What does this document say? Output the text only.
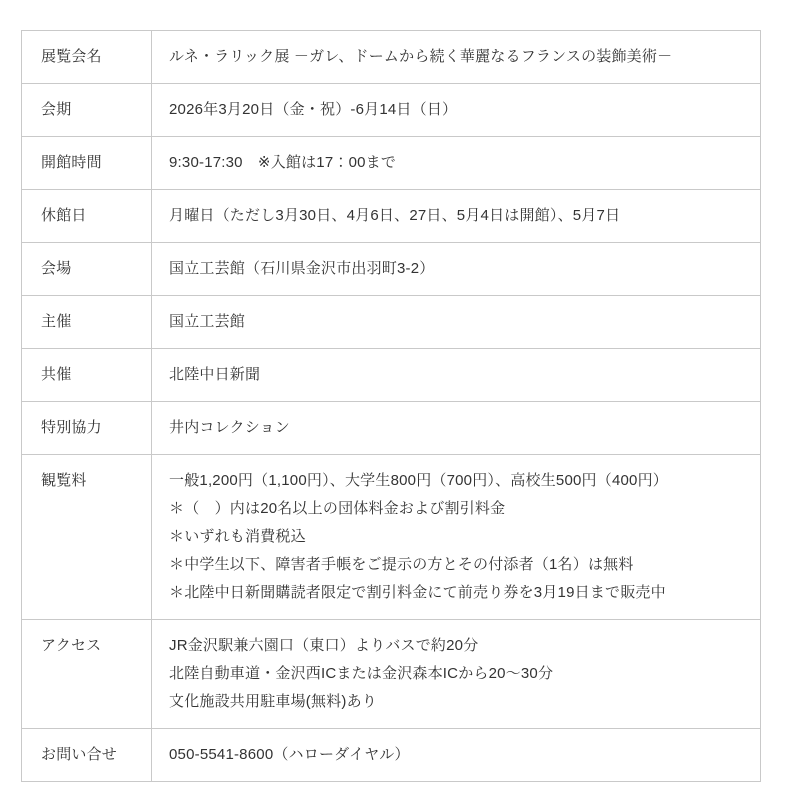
展覧会名	ルネ・ラリック展 －ガレ、ドームから続く華麗なるフランスの装飾美術－

会期	2026年3月20日（金・祝）-6月14日（日）

開館時間	9:30-17:30　※入館は17：00まで

休館日	月曜日（ただし3月30日、4月6日、27日、5月4日は開館）、5月7日

会場	国立工芸館（石川県金沢市出羽町3-2）

主催	国立工芸館

共催	北陸中日新聞

特別協力	井内コレクション

観覧料	一般1,200円（1,100円）、大学生800円（700円）、高校生500円（400円）
＊（　）内は20名以上の団体料金および割引料金
＊いずれも消費税込
＊中学生以下、障害者手帳をご提示の方とその付添者（1名）は無料
＊北陸中日新聞購読者限定で割引料金にて前売り券を3月19日まで販売中

アクセス	JR金沢駅兼六園口（東口）よりバスで約20分
北陸自動車道・金沢西ICまたは金沢森本ICから20〜30分
文化施設共用駐車場(無料)あり

お問い合せ	050-5541-8600（ハローダイヤル）
